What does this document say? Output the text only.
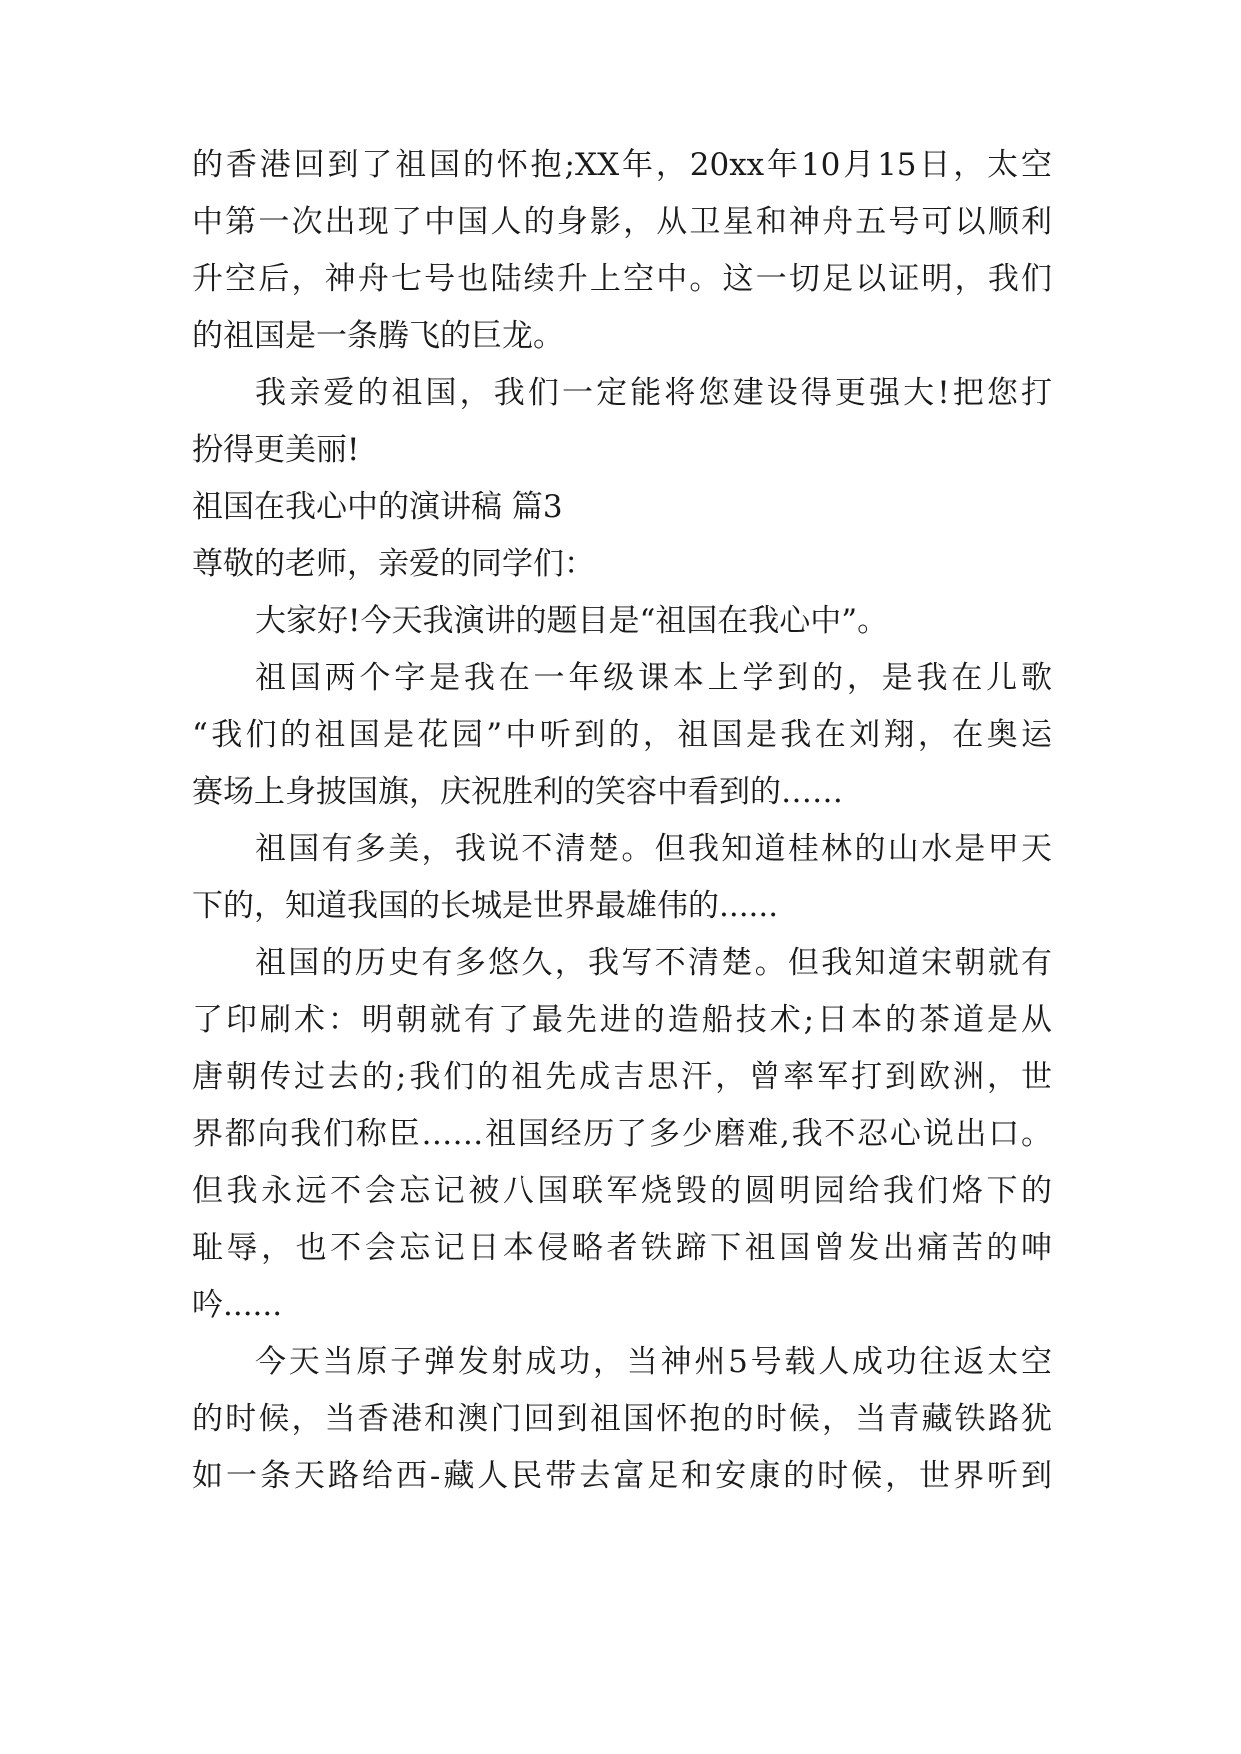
的香港回到了祖国的怀抱;XX年，20xx年10月15日，太空
中第一次出现了中国人的身影，从卫星和神舟五号可以顺利
升空后，神舟七号也陆续升上空中。这一切足以证明，我们
的祖国是一条腾飞的巨龙。
我亲爱的祖国，我们一定能将您建设得更强大!把您打
扮得更美丽!
祖国在我心中的演讲稿 篇3
尊敬的老师，亲爱的同学们：
大家好!今天我演讲的题目是“祖国在我心中”。
祖国两个字是我在一年级课本上学到的，是我在儿歌
“我们的祖国是花园”中听到的，祖国是我在刘翔，在奥运
赛场上身披国旗，庆祝胜利的笑容中看到的……
祖国有多美，我说不清楚。但我知道桂林的山水是甲天
下的，知道我国的长城是世界最雄伟的......
祖国的历史有多悠久，我写不清楚。但我知道宋朝就有
了印刷术：明朝就有了最先进的造船技术;日本的茶道是从
唐朝传过去的;我们的祖先成吉思汗，曾率军打到欧洲，世
界都向我们称臣……祖国经历了多少磨难,我不忍心说出口。
但我永远不会忘记被八国联军烧毁的圆明园给我们烙下的
耻辱，也不会忘记日本侵略者铁蹄下祖国曾发出痛苦的呻
吟......
今天当原子弹发射成功，当神州5号载人成功往返太空
的时候，当香港和澳门回到祖国怀抱的时候，当青藏铁路犹
如一条天路给西-藏人民带去富足和安康的时候，世界听到
